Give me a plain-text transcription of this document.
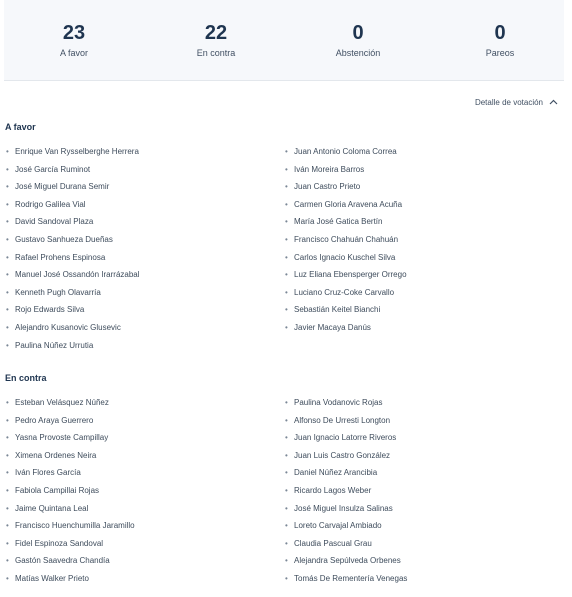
23
A favor
22
En contra
0
Abstención
0
Pareos
Detalle de votación
A favor
• Enrique Van Rysselberghe Herrera
• José García Ruminot
• José Miguel Durana Semir
• Rodrigo Galilea Vial
• David Sandoval Plaza
• Gustavo Sanhueza Dueñas
• Rafael Prohens Espinosa
• Manuel José Ossandón Irarrázabal
• Kenneth Pugh Olavarría
• Rojo Edwards Silva
• Alejandro Kusanovic Glusevic
• Paulina Núñez Urrutia
• Juan Antonio Coloma Correa
• Iván Moreira Barros
• Juan Castro Prieto
• Carmen Gloria Aravena Acuña
• María José Gatica Bertín
• Francisco Chahuán Chahuán
• Carlos Ignacio Kuschel Silva
• Luz Eliana Ebensperger Orrego
• Luciano Cruz-Coke Carvallo
• Sebastián Keitel Bianchi
• Javier Macaya Danús
En contra
• Esteban Velásquez Núñez
• Pedro Araya Guerrero
• Yasna Provoste Campillay
• Ximena Ordenes Neira
• Iván Flores García
• Fabiola Campillai Rojas
• Jaime Quintana Leal
• Francisco Huenchumilla Jaramillo
• Fidel Espinoza Sandoval
• Gastón Saavedra Chandía
• Matías Walker Prieto
• Paulina Vodanovic Rojas
• Alfonso De Urresti Longton
• Juan Ignacio Latorre Riveros
• Juan Luis Castro González
• Daniel Núñez Arancibia
• Ricardo Lagos Weber
• José Miguel Insulza Salinas
• Loreto Carvajal Ambiado
• Claudia Pascual Grau
• Alejandra Sepúlveda Orbenes
• Tomás De Rementería Venegas
